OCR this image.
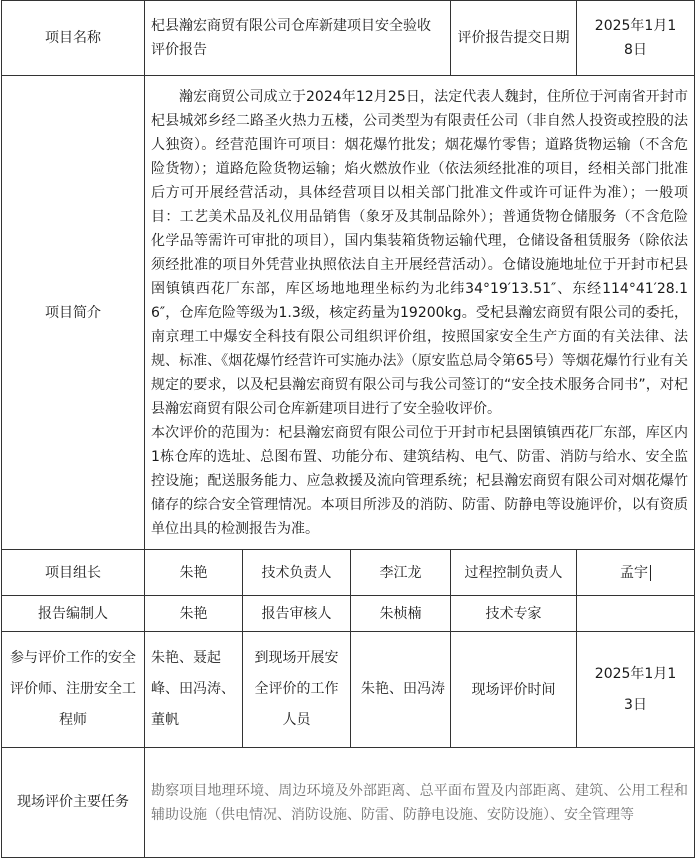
项目名称	杞县瀚宏商贸有限公司仓库新建项目安全验收评价报告			评价报告提交日期	2025年1月18日
项目简介	瀚宏商贸公司成立于2024年12月25日，法定代表人魏封，住所位于河南省开封市杞县城郊乡经二路圣火热力五楼，公司类型为有限责任公司（非自然人投资或控股的法人独资）。经营范围许可项目：烟花爆竹批发；烟花爆竹零售；道路货物运输（不含危险货物）；道路危险货物运输；焰火燃放作业（依法须经批准的项目，经相关部门批准后方可开展经营活动，具体经营项目以相关部门批准文件或许可证件为准）；一般项目：工艺美术品及礼仪用品销售（象牙及其制品除外）；普通货物仓储服务（不含危险化学品等需许可审批的项目），国内集装箱货物运输代理，仓储设备租赁服务（除依法须经批准的项目外凭营业执照依法自主开展经营活动）。仓储设施地址位于开封市杞县圉镇镇西花厂东部，库区场地地理坐标约为北纬34°19′13.51″、东经114°41′28.16″，仓库危险等级为1.3级，核定药量为19200kg。受杞县瀚宏商贸有限公司的委托，南京理工中爆安全科技有限公司组织评价组，按照国家安全生产方面的有关法律、法规、标准、《烟花爆竹经营许可实施办法》（原安监总局令第65号）等烟花爆竹行业有关规定的要求，以及杞县瀚宏商贸有限公司与我公司签订的“安全技术服务合同书”，对杞县瀚宏商贸有限公司仓库新建项目进行了安全验收评价。

本次评价的范围为：杞县瀚宏商贸有限公司位于开封市杞县圉镇镇西花厂东部，库区内1栋仓库的选址、总图布置、功能分布、建筑结构、电气、防雷、消防与给水、安全监控设施；配送服务能力、应急救援及流向管理系统；杞县瀚宏商贸有限公司对烟花爆竹储存的综合安全管理情况。本项目所涉及的消防、防雷、防静电等设施评价，以有资质单位出具的检测报告为准。				

项目组长	朱艳	技术负责人	李江龙	过程控制负责人	孟宇
报告编制人	朱艳	报告审核人	朱桢楠	技术专家	
参与评价工作的安全评价师、注册安全工程师	朱艳、聂起峰、田冯涛、董帆	到现场开展安全评价的工作人员	朱艳、田冯涛	现场评价时间	2025年1月13日
现场评价主要任务	勘察项目地理环境、周边环境及外部距离、总平面布置及内部距离、建筑、公用工程和辅助设施（供电情况、消防设施、防雷、防静电设施、安防设施）、安全管理等				
